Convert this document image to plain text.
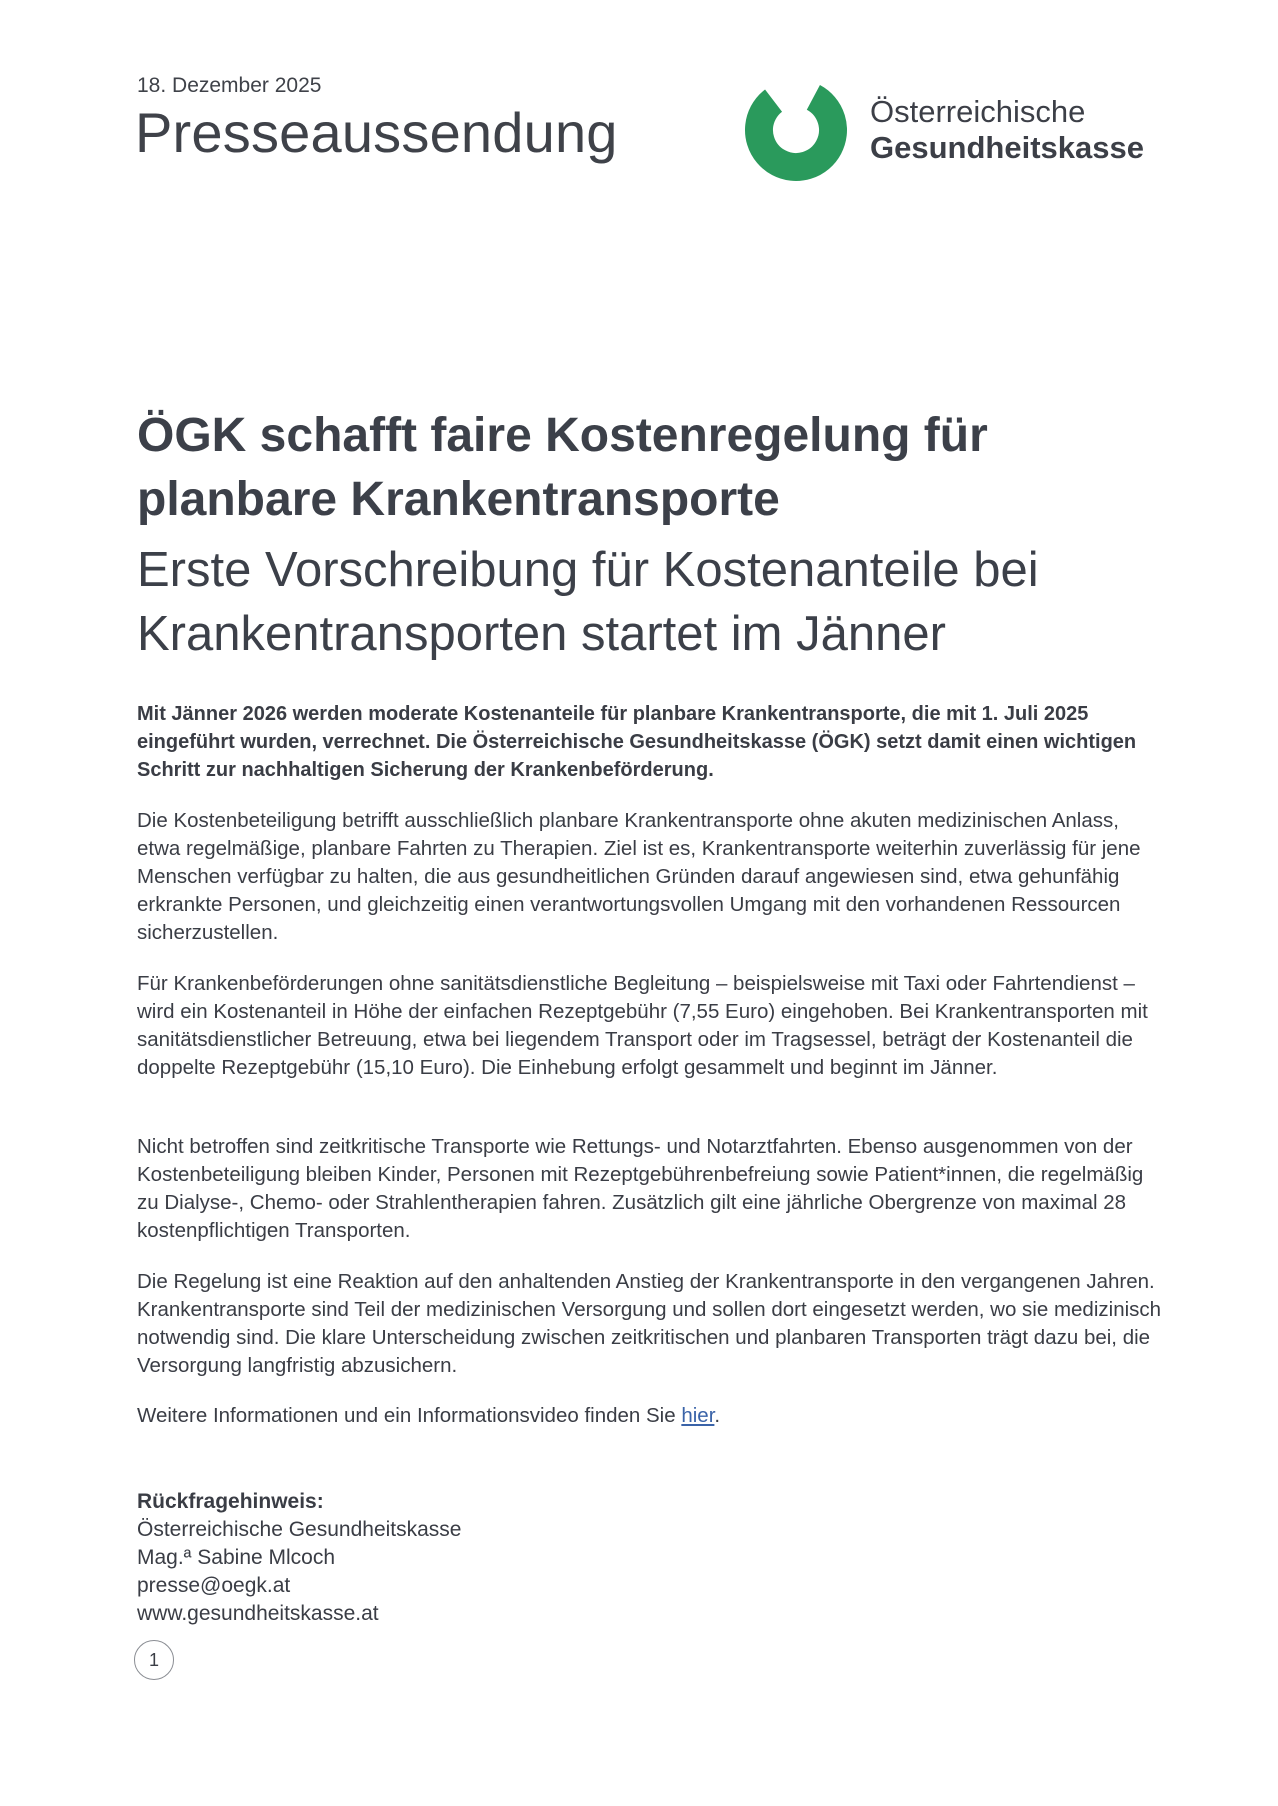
18. Dezember 2025
Presseaussendung	Österreichische
Gesundheitskasse
ÖGK schafft faire Kostenregelung für planbare Krankentransporte
Erste Vorschreibung für Kostenanteile bei Krankentransporten startet im Jänner
Mit Jänner 2026 werden moderate Kostenanteile für planbare Krankentransporte, die mit 1. Juli 2025 eingeführt wurden, verrechnet. Die Österreichische Gesundheitskasse (ÖGK) setzt damit einen wichtigen Schritt zur nachhaltigen Sicherung der Krankenbeförderung.
Die Kostenbeteiligung betrifft ausschließlich planbare Krankentransporte ohne akuten medizinischen Anlass, etwa regelmäßige, planbare Fahrten zu Therapien. Ziel ist es, Krankentransporte weiterhin zuverlässig für jene Menschen verfügbar zu halten, die aus gesundheitlichen Gründen darauf angewiesen sind, etwa gehunfähig erkrankte Personen, und gleichzeitig einen verantwortungsvollen Umgang mit den vorhandenen Ressourcen sicherzustellen.
Für Krankenbeförderungen ohne sanitätsdienstliche Begleitung – beispielsweise mit Taxi oder Fahrtendienst – wird ein Kostenanteil in Höhe der einfachen Rezeptgebühr (7,55 Euro) eingehoben. Bei Krankentransporten mit sanitätsdienstlicher Betreuung, etwa bei liegendem Transport oder im Tragsessel, beträgt der Kostenanteil die doppelte Rezeptgebühr (15,10 Euro). Die Einhebung erfolgt gesammelt und beginnt im Jänner.
Nicht betroffen sind zeitkritische Transporte wie Rettungs- und Notarztfahrten. Ebenso ausgenommen von der Kostenbeteiligung bleiben Kinder, Personen mit Rezeptgebührenbefreiung sowie Patient*innen, die regelmäßig zu Dialyse-, Chemo- oder Strahlentherapien fahren. Zusätzlich gilt eine jährliche Obergrenze von maximal 28 kostenpflichtigen Transporten.
Die Regelung ist eine Reaktion auf den anhaltenden Anstieg der Krankentransporte in den vergangenen Jahren. Krankentransporte sind Teil der medizinischen Versorgung und sollen dort eingesetzt werden, wo sie medizinisch notwendig sind. Die klare Unterscheidung zwischen zeitkritischen und planbaren Transporten trägt dazu bei, die Versorgung langfristig abzusichern.
Weitere Informationen und ein Informationsvideo finden Sie hier.
Rückfragehinweis:
Österreichische Gesundheitskasse
Mag.ª Sabine Mlcoch
presse@oegk.at
www.gesundheitskasse.at
1
